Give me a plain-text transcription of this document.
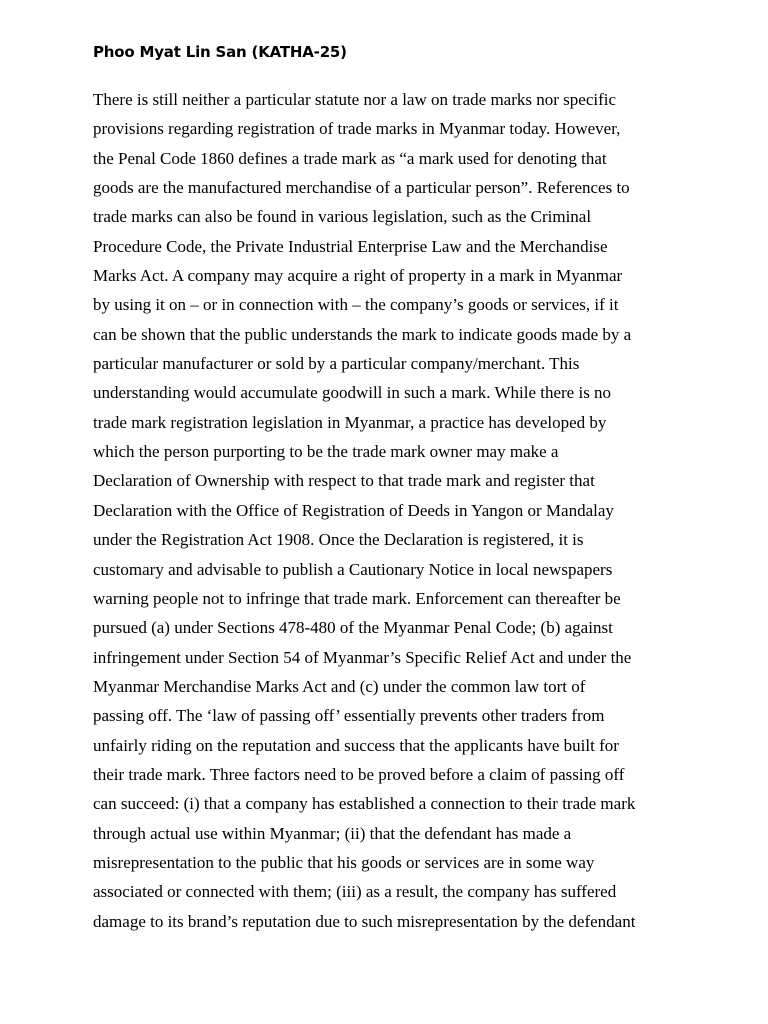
Phoo Myat Lin San (KATHA-25)
There is still neither a particular statute nor a law on trade marks nor specific
provisions regarding registration of trade marks in Myanmar today. However,
the Penal Code 1860 defines a trade mark as “a mark used for denoting that
goods are the manufactured merchandise of a particular person”. References to
trade marks can also be found in various legislation, such as the Criminal
Procedure Code, the Private Industrial Enterprise Law and the Merchandise
Marks Act. A company may acquire a right of property in a mark in Myanmar
by using it on – or in connection with – the company’s goods or services, if it
can be shown that the public understands the mark to indicate goods made by a
particular manufacturer or sold by a particular company/merchant. This
understanding would accumulate goodwill in such a mark. While there is no
trade mark registration legislation in Myanmar, a practice has developed by
which the person purporting to be the trade mark owner may make a
Declaration of Ownership with respect to that trade mark and register that
Declaration with the Office of Registration of Deeds in Yangon or Mandalay
under the Registration Act 1908. Once the Declaration is registered, it is
customary and advisable to publish a Cautionary Notice in local newspapers
warning people not to infringe that trade mark. Enforcement can thereafter be
pursued (a) under Sections 478-480 of the Myanmar Penal Code; (b) against
infringement under Section 54 of Myanmar’s Specific Relief Act and under the
Myanmar Merchandise Marks Act and (c) under the common law tort of
passing off. The ‘law of passing off’ essentially prevents other traders from
unfairly riding on the reputation and success that the applicants have built for
their trade mark. Three factors need to be proved before a claim of passing off
can succeed: (i) that a company has established a connection to their trade mark
through actual use within Myanmar; (ii) that the defendant has made a
misrepresentation to the public that his goods or services are in some way
associated or connected with them; (iii) as a result, the company has suffered
damage to its brand’s reputation due to such misrepresentation by the defendant
